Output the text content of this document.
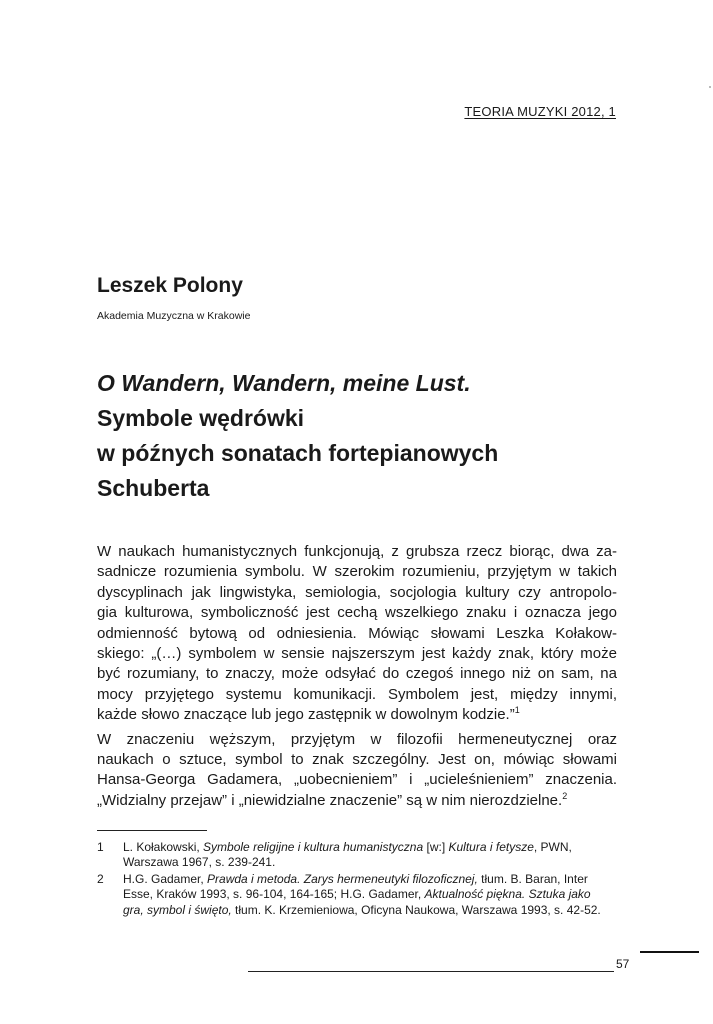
TEORIA MUZYKI 2012, 1
Leszek Polony
Akademia Muzyczna w Krakowie
O Wandern, Wandern, meine Lust.
Symbole wędrówki
w późnych sonatach fortepianowych
Schuberta

W naukach humanistycznych funkcjonują, z grubsza rzecz biorąc, dwa za-
sadnicze rozumienia symbolu. W szerokim rozumieniu, przyjętym w takich
dyscyplinach jak lingwistyka, semiologia, socjologia kultury czy antropolo-
gia kulturowa, symboliczność jest cechą wszelkiego znaku i oznacza jego
odmienność bytową od odniesienia. Mówiąc słowami Leszka Kołakow-
skiego: „(…) symbolem w sensie najszerszym jest każdy znak, który może
być rozumiany, to znaczy, może odsyłać do czegoś innego niż on sam, na
mocy przyjętego systemu komunikacji. Symbolem jest, między innymi,
każde słowo znaczące lub jego zastępnik w dowolnym kodzie.”$^1$

W znaczeniu węższym, przyjętym w filozofii hermeneutycznej oraz
naukach o sztuce, symbol to znak szczególny. Jest on, mówiąc słowami
Hansa-Georga Gadamera, „uobecnieniem” i „ucieleśnieniem” znaczenia.
„Widzialny przejaw” i „niewidzialne znaczenie” są w nim nierozdzielne.$^2$

1 L. Kołakowski, Symbole religijne i kultura humanistyczna [w:] Kultura i fetysze, PWN,
Warszawa 1967, s. 239-241.
2 H.G. Gadamer, Prawda i metoda. Zarys hermeneutyki filozoficznej, tłum. B. Baran, Inter
Esse, Kraków 1993, s. 96-104, 164-165; H.G. Gadamer, Aktualność piękna. Sztuka jako
gra, symbol i święto, tłum. K. Krzemieniowa, Oficyna Naukowa, Warszawa 1993, s. 42-52.
57
